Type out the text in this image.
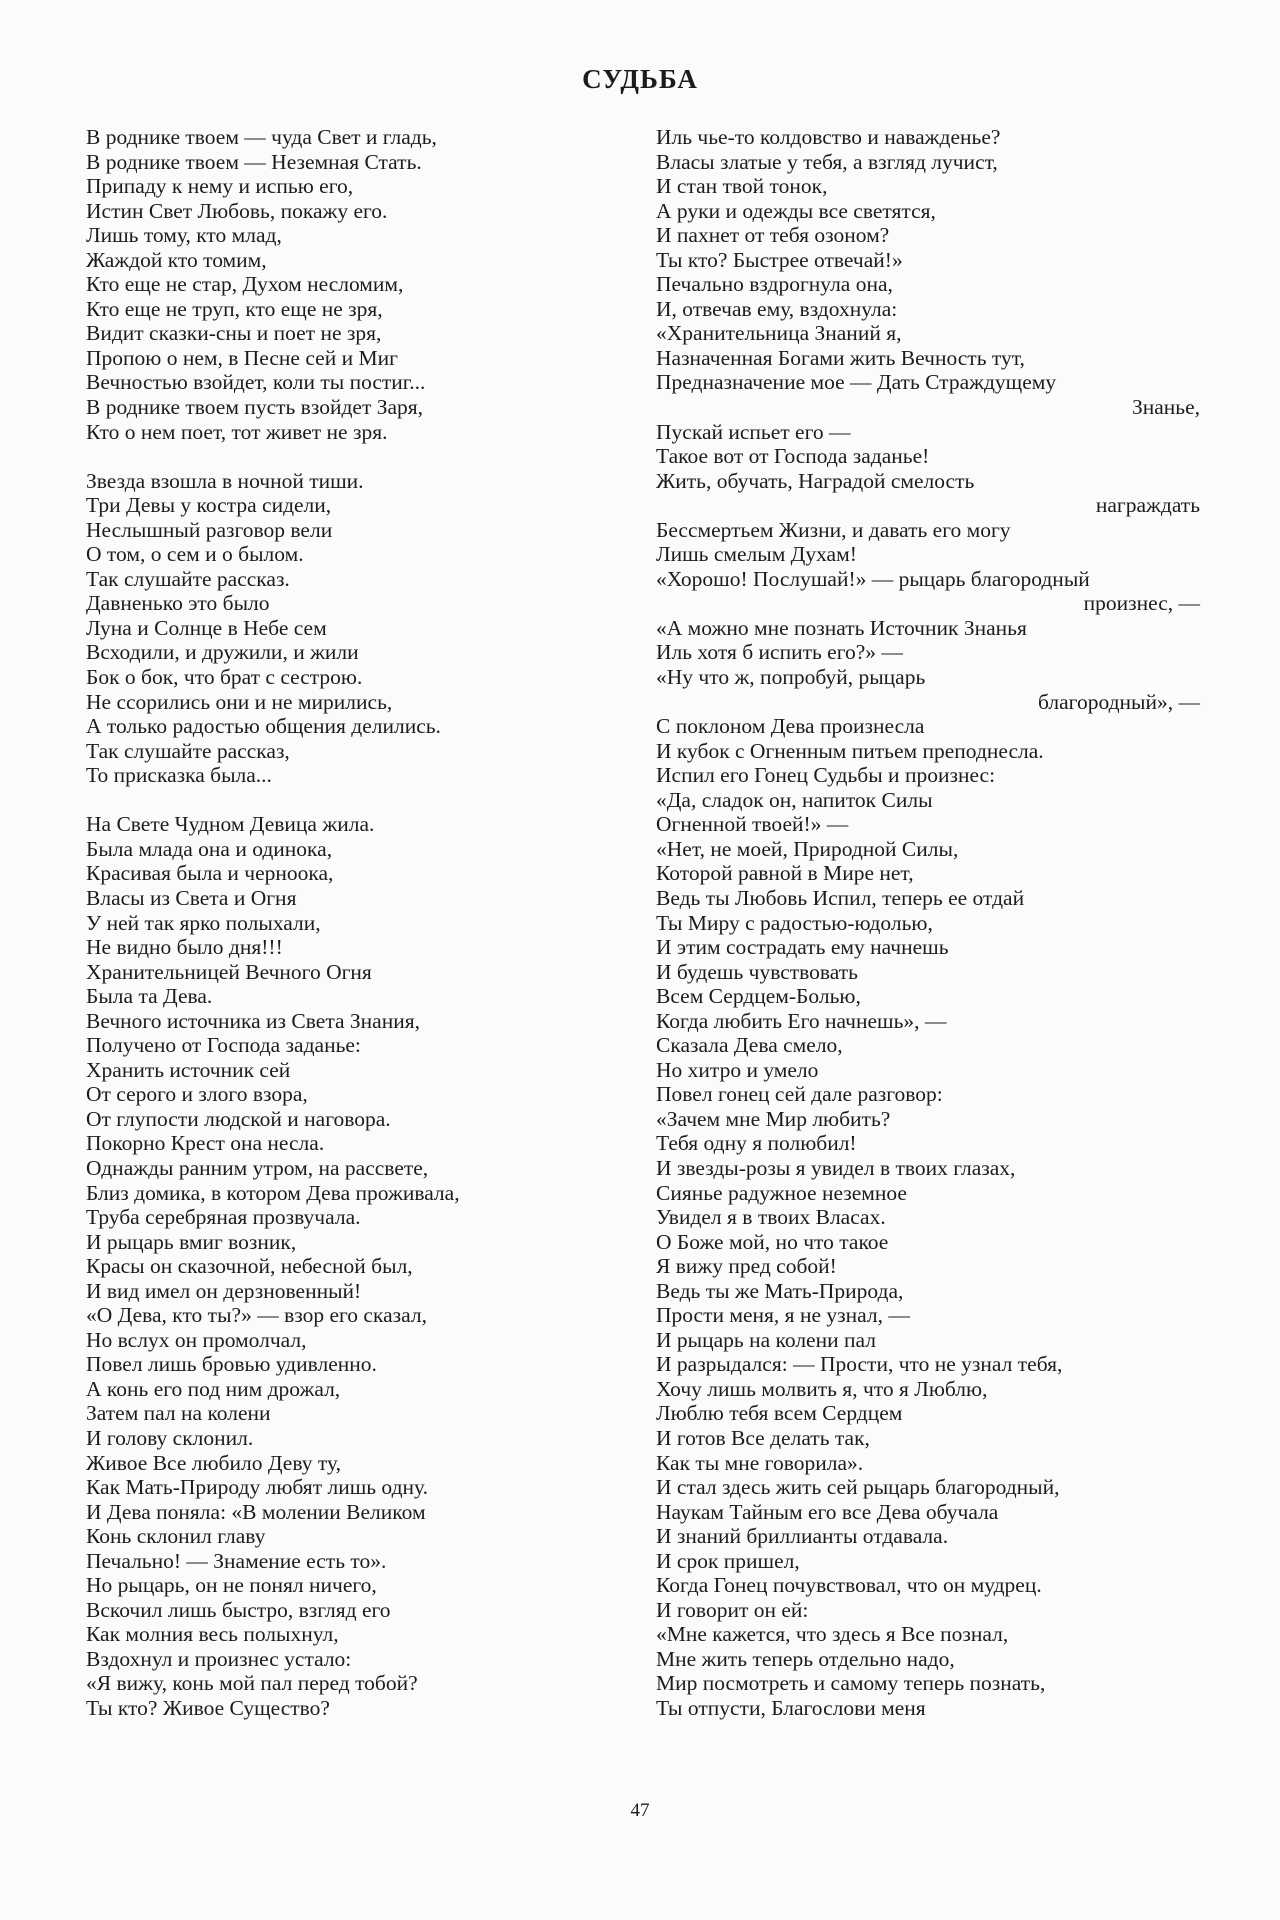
СУДЬБА
В роднике твоем — чуда Свет и гладь,
В роднике твоем — Неземная Стать.
Припаду к нему и испью его,
Истин Свет Любовь, покажу его.
Лишь тому, кто млад,
Жаждой кто томим,
Кто еще не стар, Духом несломим,
Кто еще не труп, кто еще не зря,
Видит сказки-сны и поет не зря,
Пропою о нем, в Песне сей и Миг
Вечностью взойдет, коли ты постиг...
В роднике твоем пусть взойдет Заря,
Кто о нем поет, тот живет не зря.
Звезда взошла в ночной тиши.
Три Девы у костра сидели,
Неслышный разговор вели
О том, о сем и о былом.
Так слушайте рассказ.
Давненько это было
Луна и Солнце в Небе сем
Всходили, и дружили, и жили
Бок о бок, что брат с сестрою.
Не ссорились они и не мирились,
А только радостью общения делились.
Так слушайте рассказ,
То присказка была...
На Свете Чудном Девица жила.
Была млада она и одинока,
Красивая была и черноока,
Власы из Света и Огня
У ней так ярко полыхали,
Не видно было дня!!!
Хранительницей Вечного Огня
Была та Дева.
Вечного источника из Света Знания,
Получено от Господа заданье:
Хранить источник сей
От серого и злого взора,
От глупости людской и наговора.
Покорно Крест она несла.
Однажды ранним утром, на рассвете,
Близ домика, в котором Дева проживала,
Труба серебряная прозвучала.
И рыцарь вмиг возник,
Красы он сказочной, небесной был,
И вид имел он дерзновенный!
«О Дева, кто ты?» — взор его сказал,
Но вслух он промолчал,
Повел лишь бровью удивленно.
А конь его под ним дрожал,
Затем пал на колени
И голову склонил.
Живое Все любило Деву ту,
Как Мать-Природу любят лишь одну.
И Дева поняла: «В молении Великом
Конь склонил главу
Печально! — Знамение есть то».
Но рыцарь, он не понял ничего,
Вскочил лишь быстро, взгляд его
Как молния весь полыхнул,
Вздохнул и произнес устало:
«Я вижу, конь мой пал перед тобой?
Ты кто? Живое Существо?
Иль чье-то колдовство и наважденье?
Власы златые у тебя, а взгляд лучист,
И стан твой тонок,
А руки и одежды все светятся,
И пахнет от тебя озоном?
Ты кто? Быстрее отвечай!»
Печально вздрогнула она,
И, отвечав ему, вздохнула:
«Хранительница Знаний я,
Назначенная Богами жить Вечность тут,
Предназначение мое — Дать Страждущему
Знанье,
Пускай испьет его —
Такое вот от Господа заданье!
Жить, обучать, Наградой смелость
награждать
Бессмертьем Жизни, и давать его могу
Лишь смелым Духам!
«Хорошо! Послушай!» — рыцарь благородный
произнес, —
«А можно мне познать Источник Знанья
Иль хотя б испить его?» —
«Ну что ж, попробуй, рыцарь
благородный», —
С поклоном Дева произнесла
И кубок с Огненным питьем преподнесла.
Испил его Гонец Судьбы и произнес:
«Да, сладок он, напиток Силы
Огненной твоей!» —
«Нет, не моей, Природной Силы,
Которой равной в Мире нет,
Ведь ты Любовь Испил, теперь ее отдай
Ты Миру с радостью-юдолью,
И этим сострадать ему начнешь
И будешь чувствовать
Всем Сердцем-Болью,
Когда любить Его начнешь», —
Сказала Дева смело,
Но хитро и умело
Повел гонец сей дале разговор:
«Зачем мне Мир любить?
Тебя одну я полюбил!
И звезды-розы я увидел в твоих глазах,
Сиянье радужное неземное
Увидел я в твоих Власах.
О Боже мой, но что такое
Я вижу пред собой!
Ведь ты же Мать-Природа,
Прости меня, я не узнал, —
И рыцарь на колени пал
И разрыдался: — Прости, что не узнал тебя,
Хочу лишь молвить я, что я Люблю,
Люблю тебя всем Сердцем
И готов Все делать так,
Как ты мне говорила».
И стал здесь жить сей рыцарь благородный,
Наукам Тайным его все Дева обучала
И знаний бриллианты отдавала.
И срок пришел,
Когда Гонец почувствовал, что он мудрец.
И говорит он ей:
«Мне кажется, что здесь я Все познал,
Мне жить теперь отдельно надо,
Мир посмотреть и самому теперь познать,
Ты отпусти, Благослови меня
47
